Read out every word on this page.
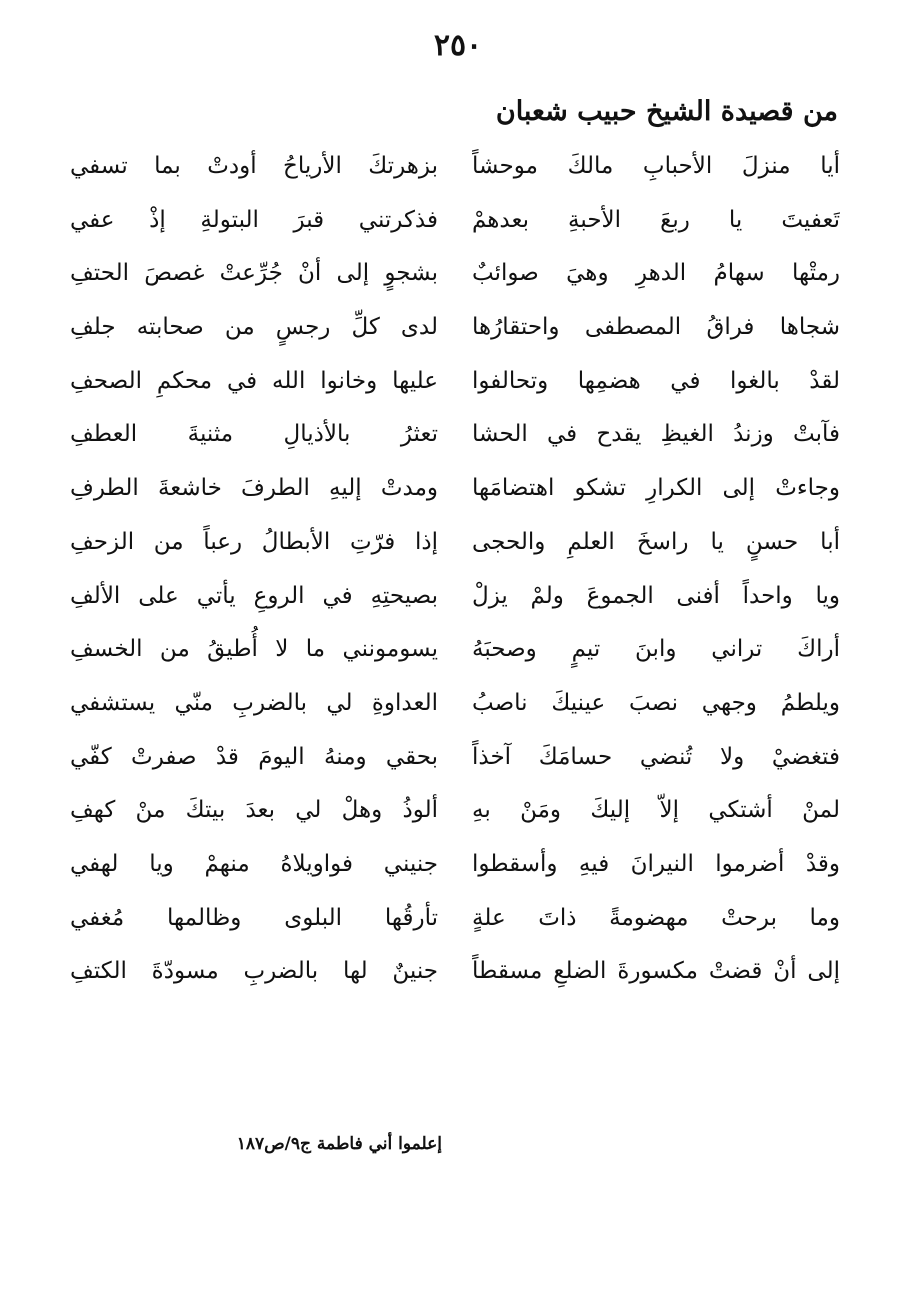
٢٥٠
من قصيدة الشيخ حبيب شعبان
أيا منزلَ الأحبابِ مالكَ موحشاً
بزهرتكَ الأرياحُ أودتْ بما تسفي
تَعفيتَ يا ربعَ الأحبةِ بعدهمْ
فذكرتني قبرَ البتولةِ إذْ عفي
رمتْها سهامُ الدهرِ وهيَ صوائبٌ
بشجوٍ إلى أنْ جُرِّعتْ غصصَ الحتفِ
شجاها فراقُ المصطفى واحتقارُها
لدى كلِّ رجسٍ من صحابته جلفِ
لقدْ بالغوا في هضمِها وتحالفوا
عليها وخانوا الله في محكمِ الصحفِ
فآبتْ وزندُ الغيظِ يقدح في الحشا
تعثرُ بالأذيالِ مثنيةَ العطفِ
وجاءتْ إلى الكرارِ تشكو اهتضامَها
ومدتْ إليهِ الطرفَ خاشعةَ الطرفِ
أبا حسنٍ يا راسخَ العلمِ والحجى
إذا فرّتِ الأبطالُ رعباً من الزحفِ
ويا واحداً أفنى الجموعَ ولمْ يزلْ
بصيحتِهِ في الروعِ يأتي على الألفِ
أراكَ تراني وابنَ تيمٍ وصحبَهُ
يسومونني ما لا أُطيقُ من الخسفِ
ويلطمُ وجهي نصبَ عينيكَ ناصبُ
العداوةِ لي بالضربِ منّي يستشفي
فتغضيْ ولا تُنضي حسامَكَ آخذاً
بحقي ومنهُ اليومَ قدْ صفرتْ كفّي
لمنْ أشتكي إلاّ إليكَ ومَنْ بهِ
ألوذُ وهلْ لي بعدَ بيتكَ منْ كهفِ
وقدْ أضرموا النيرانَ فيهِ وأسقطوا
جنيني فواويلاهُ منهمْ ويا لهفي
وما برحتْ مهضومةً ذاتَ علةٍ
تأرقُها البلوى وظالمها مُغفي
إلى أنْ قضتْ مكسورةَ الضلعِ مسقطاً
جنينٌ لها بالضربِ مسودّةَ الكتفِ
إعلموا أني فاطمة ج٩/ص١٨٧
